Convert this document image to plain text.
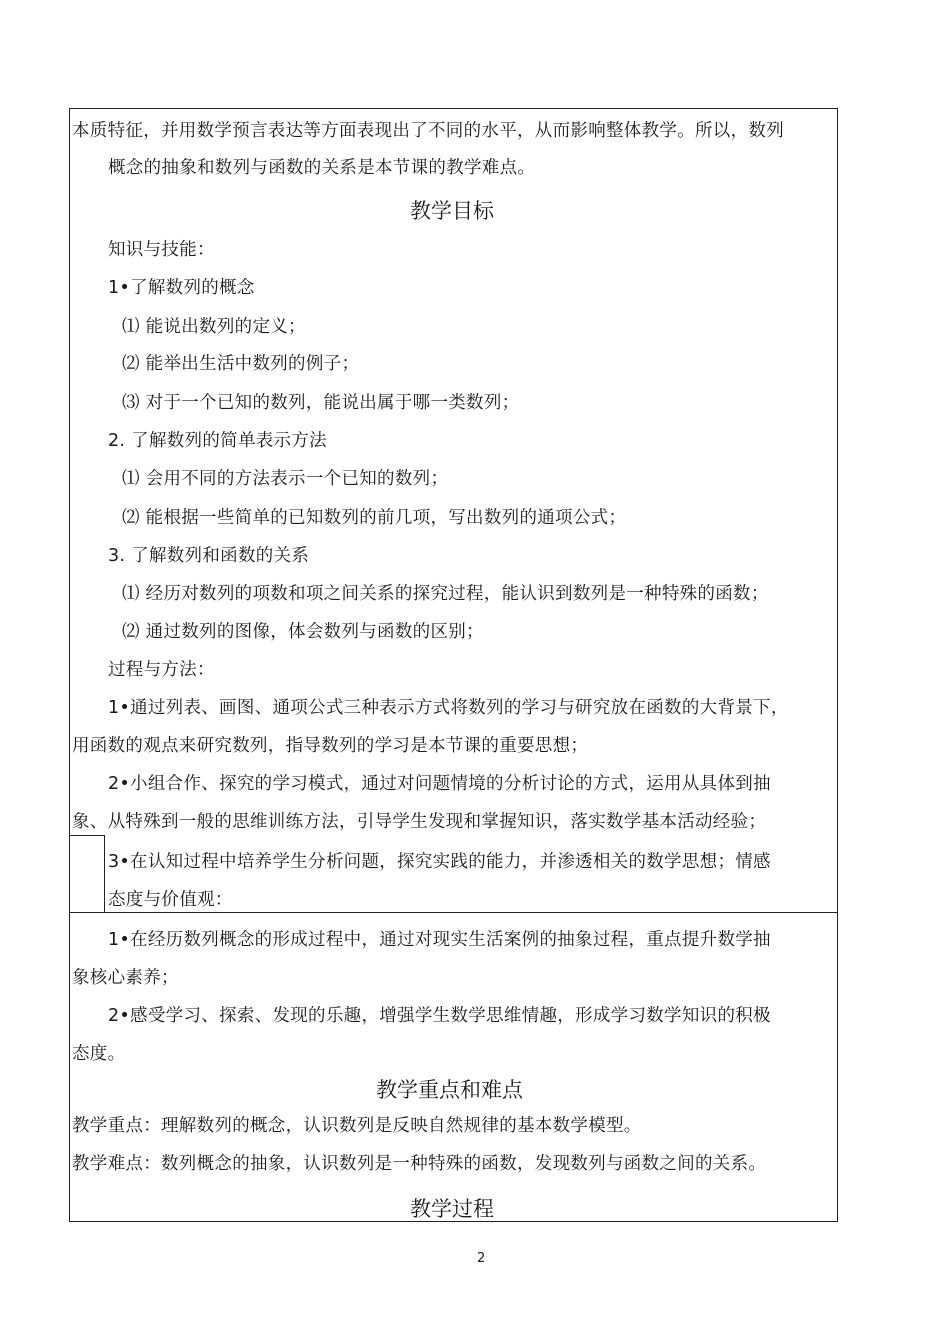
本质特征，并用数学预言表达等方面表现出了不同的水平，从而影响整体教学。所以，数列
概念的抽象和数列与函数的关系是本节课的教学难点。
教学目标
知识与技能：
1•了解数列的概念
⑴ 能说出数列的定义；
⑵ 能举出生活中数列的例子；
⑶ 对于一个已知的数列，能说出属于哪一类数列；
2. 了解数列的简单表示方法
⑴ 会用不同的方法表示一个已知的数列；
⑵ 能根据一些简单的已知数列的前几项，写出数列的通项公式；
3. 了解数列和函数的关系
⑴ 经历对数列的项数和项之间关系的探究过程，能认识到数列是一种特殊的函数；
⑵ 通过数列的图像，体会数列与函数的区别；
过程与方法：
1•通过列表、画图、通项公式三种表示方式将数列的学习与研究放在函数的大背景下，
用函数的观点来研究数列，指导数列的学习是本节课的重要思想；
2•小组合作、探究的学习模式，通过对问题情境的分析讨论的方式，运用从具体到抽
象、从特殊到一般的思维训练方法，引导学生发现和掌握知识，落实数学基本活动经验；
3•在认知过程中培养学生分析问题，探究实践的能力，并渗透相关的数学思想；情感
态度与价值观：
1•在经历数列概念的形成过程中，通过对现实生活案例的抽象过程，重点提升数学抽
象核心素养；
2•感受学习、探索、发现的乐趣，增强学生数学思维情趣，形成学习数学知识的积极
态度。
教学重点和难点
教学重点：理解数列的概念，认识数列是反映自然规律的基本数学模型。
教学难点：数列概念的抽象，认识数列是一种特殊的函数，发现数列与函数之间的关系。
教学过程
2
